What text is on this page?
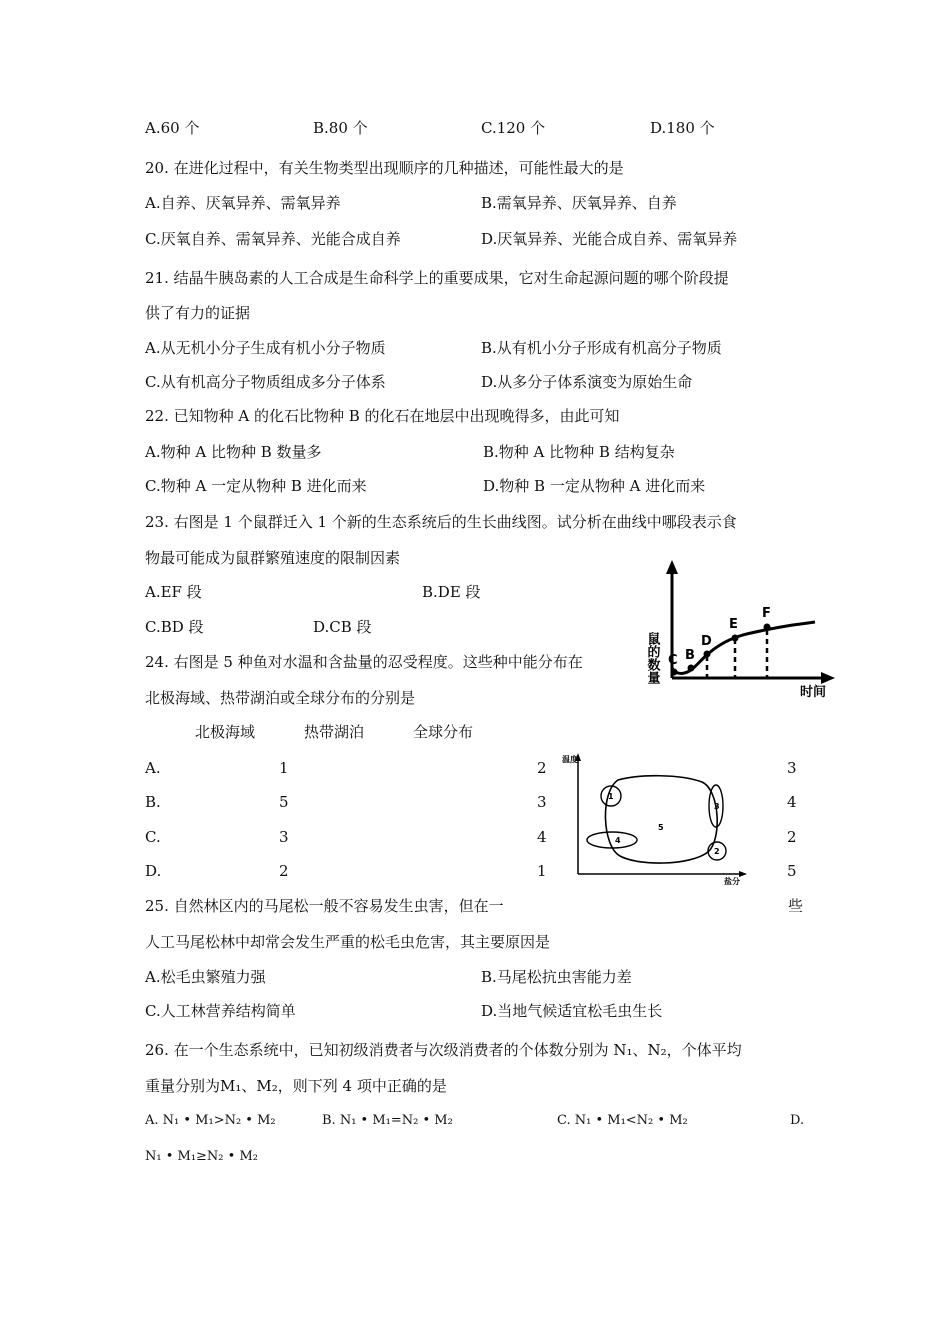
A.60 个	B.80 个	C.120 个	D.180 个
20. 在进化过程中，有关生物类型出现顺序的几种描述，可能性最大的是
A.自养、厌氧异养、需氧异养	B.需氧异养、厌氧异养、自养
C.厌氧自养、需氧异养、光能合成自养	D.厌氧异养、光能合成自养、需氧异养
21. 结晶牛胰岛素的人工合成是生命科学上的重要成果，它对生命起源问题的哪个阶段提
供了有力的证据
A.从无机小分子生成有机小分子物质	B.从有机小分子形成有机高分子物质
C.从有机高分子物质组成多分子体系	D.从多分子体系演变为原始生命
22. 已知物种 A 的化石比物种 B 的化石在地层中出现晚得多，由此可知
A.物种 A 比物种 B 数量多	B.物种 A 比物种 B 结构复杂
C.物种 A 一定从物种 B 进化而来	D.物种 B 一定从物种 A 进化而来
23. 右图是 1 个鼠群迁入 1 个新的生态系统后的生长曲线图。试分析在曲线中哪段表示食
物最可能成为鼠群繁殖速度的限制因素
A.EF 段	B.DE 段
C.BD 段	D.CB 段
C B
D
E
F
鼠的数量
时间
24. 右图是 5 种鱼对水温和含盐量的忍受程度。这些种中能分布在
北极海域、热带湖泊或全球分布的分别是
北极海域	热带湖泊	全球分布
A.	1	2	3
B.	5	3	4
C.	3	4	2
D.	2	1	5
温度
盐分
5
1
3
4
2
25. 自然林区内的马尾松一般不容易发生虫害，但在一	些
人工马尾松林中却常会发生严重的松毛虫危害，其主要原因是
A.松毛虫繁殖力强	B.马尾松抗虫害能力差
C.人工林营养结构简单	D.当地气候适宜松毛虫生长
26. 在一个生态系统中，已知初级消费者与次级消费者的个体数分别为 N₁、N₂，个体平均
重量分别为M₁、M₂，则下列 4 项中正确的是
A. N₁ • M₁>N₂ • M₂	B. N₁ • M₁=N₂ • M₂	C. N₁ • M₁<N₂ • M₂	D.
N₁ • M₁≥N₂ • M₂
